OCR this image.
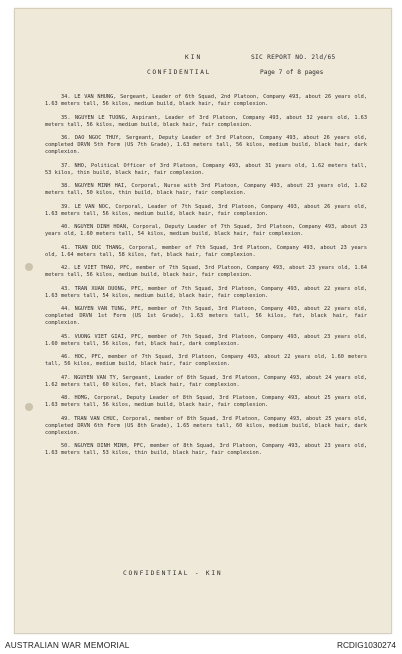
KIN	SIC REPORT NO. 2ld/65
CONFIDENTIAL	Page 7 of 8 pages

34. LE VAN NHUNG, Sergeant, Leader of 6th Squad, 2nd Platoon, Company 493, about 26 years old, 1.63 meters tall, 56 kilos, medium build, black hair, fair complexion.

35. NGUYEN LE TUONG, Aspirant, Leader of 3rd Platoon, Company 493, about 32 years old, 1.63 meters tall, 56 kilos, medium build, black hair, fair complexion.

36. DAO NGOC THUY, Sergeant, Deputy Leader of 3rd Platoon, Company 493, about 26 years old, completed DRVN 5th Form (US 7th Grade), 1.63 meters tall, 56 kilos, medium build, black hair, dark complexion.

37. NHO, Political Officer of 3rd Platoon, Company 493, about 31 years old, 1.62 meters tall, 53 kilos, thin build, black hair, fair complexion.

38. NGUYEN MINH HAI, Corporal, Nurse with 3rd Platoon, Company 493, about 23 years old, 1.62 meters tall, 50 kilos, thin build, black hair, fair complexion.

39. LE VAN NOC, Corporal, Leader of 7th Squad, 3rd Platoon, Company 493, about 26 years old, 1.63 meters tall, 56 kilos, medium build, black hair, fair complexion.

40. NGUYEN DINH HOAN, Corporal, Deputy Leader of 7th Squad, 3rd Platoon, Company 493, about 23 years old, 1.60 meters tall, 54 kilos, medium build, black hair, fair complexion.

41. TRAN DUC THANG, Corporal, member of 7th Squad, 3rd Platoon, Company 493, about 23 years old, 1.64 meters tall, 58 kilos, fat, black hair, fair complexion.

42. LE VIET THAO, PFC, member of 7th Squad, 3rd Platoon, Company 493, about 23 years old, 1.64 meters tall, 56 kilos, medium build, black hair, fair complexion.

43. TRAN XUAN DUONG, PFC, member of 7th Squad, 3rd Platoon, Company 493, about 22 years old, 1.63 meters tall, 54 kilos, medium build, black hair, fair complexion.

44. NGUYEN VAN TUNG, PFC, member of 7th Squad, 3rd Platoon, Company 493, about 22 years old, completed DRVN 1st Form (US 1st Grade), 1.63 meters tall, 56 kilos, fat, black hair, fair complexion.

45. VUONG VIET GIAI, PFC, member of 7th Squad, 3rd Platoon, Company 493, about 23 years old, 1.60 meters tall, 56 kilos, fat, black hair, dark complexion.

46. HOC, PFC, member of 7th Squad, 3rd Platoon, Company 493, about 22 years old, 1.60 meters tall, 56 kilos, medium build, black hair, fair complexion.

47. NGUYEN VAN TY, Sergeant, Leader of 8th Squad, 3rd Platoon, Company 493, about 24 years old, 1.62 meters tall, 60 kilos, fat, black hair, fair complexion.

48. HOMG, Corporal, Deputy Leader of 8th Squad, 3rd Platoon, Company 493, about 25 years old, 1.63 meters tall, 56 kilos, medium build, black hair, fair complexion.

49. TRAN VAN CHUC, Corporal, member of 8th Squad, 3rd Platoon, Company 493, about 25 years old, completed DRVN 6th Form (US 8th Grade), 1.65 meters tall, 60 kilos, medium build, black hair, dark complexion.

50. NGUYEN DINH MINH, PFC, member of 8th Squad, 3rd Platoon, Company 493, about 23 years old, 1.63 meters tall, 53 kilos, thin build, black hair, fair complexion.

CONFIDENTIAL - KIN
AUSTRALIAN WAR MEMORIAL	RCDIG1030274
